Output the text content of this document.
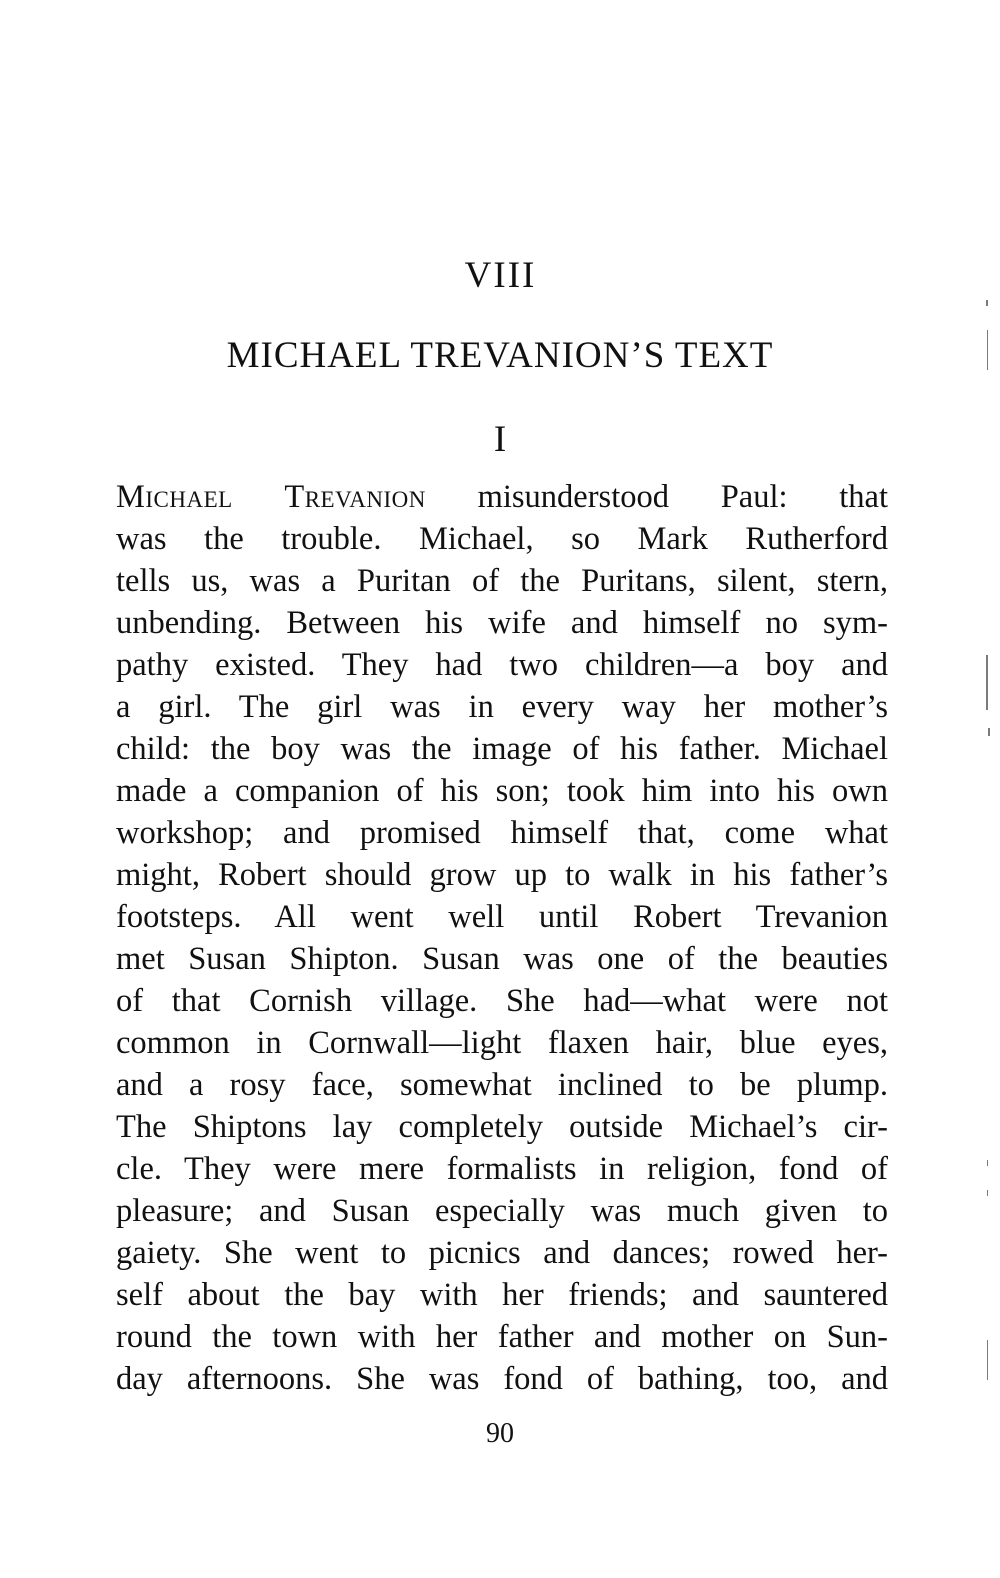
VIII
MICHAEL TREVANION’S TEXT
I
Michael Trevanion misunderstood Paul: that
was the trouble. Michael, so Mark Rutherford
tells us, was a Puritan of the Puritans, silent, stern,
unbending. Between his wife and himself no sym-
pathy existed. They had two children—a boy and
a girl. The girl was in every way her mother’s
child: the boy was the image of his father. Michael
made a companion of his son; took him into his own
workshop; and promised himself that, come what
might, Robert should grow up to walk in his father’s
footsteps. All went well until Robert Trevanion
met Susan Shipton. Susan was one of the beauties
of that Cornish village. She had—what were not
common in Cornwall—light flaxen hair, blue eyes,
and a rosy face, somewhat inclined to be plump.
The Shiptons lay completely outside Michael’s cir-
cle. They were mere formalists in religion, fond of
pleasure; and Susan especially was much given to
gaiety. She went to picnics and dances; rowed her-
self about the bay with her friends; and sauntered
round the town with her father and mother on Sun-
day afternoons. She was fond of bathing, too, and
90
